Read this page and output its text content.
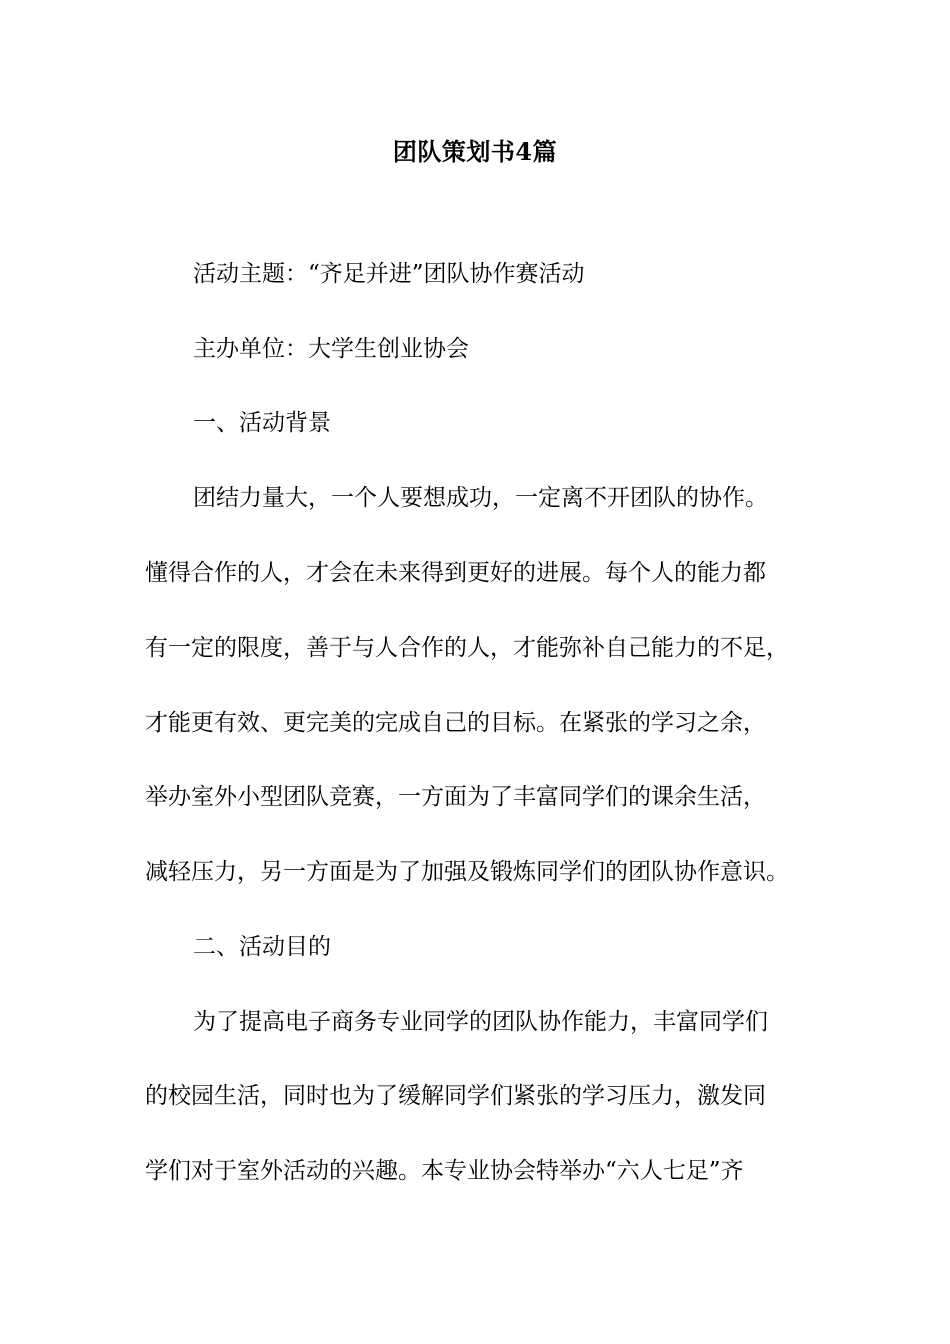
团队策划书4篇
活动主题：“齐足并进”团队协作赛活动
主办单位：大学生创业协会
一、活动背景
团结力量大，一个人要想成功，一定离不开团队的协作。
懂得合作的人，才会在未来得到更好的进展。每个人的能力都
有一定的限度，善于与人合作的人，才能弥补自己能力的不足，
才能更有效、更完美的完成自己的目标。在紧张的学习之余，
举办室外小型团队竞赛，一方面为了丰富同学们的课余生活，
减轻压力，另一方面是为了加强及锻炼同学们的团队协作意识。
二、活动目的
为了提高电子商务专业同学的团队协作能力，丰富同学们
的校园生活，同时也为了缓解同学们紧张的学习压力，激发同
学们对于室外活动的兴趣。本专业协会特举办“六人七足”齐
